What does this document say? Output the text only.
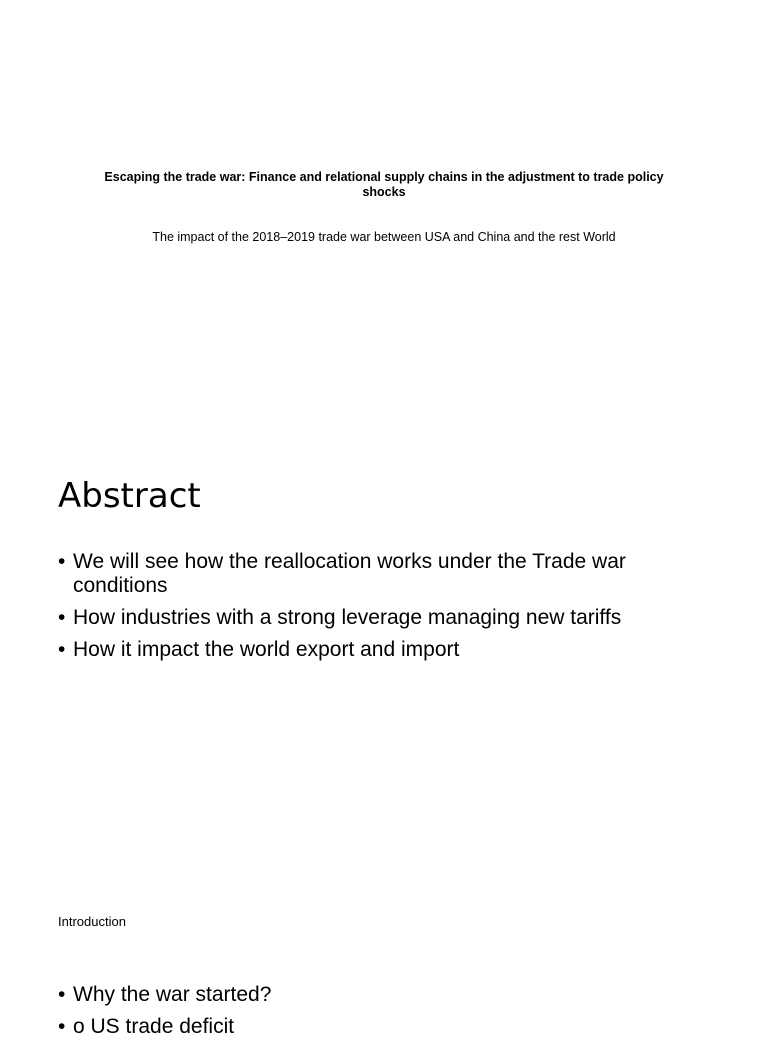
Escaping the trade war: Finance and relational supply chains in the adjustment to trade policy shocks

The impact of the 2018–2019 trade war between USA and China and the rest World

Abstract
• We will see how the reallocation works under the Trade war conditions
• How industries with a strong leverage managing new tariffs
• How it impact the world export and import

Introduction

• Why the war started?
• o US trade deficit
